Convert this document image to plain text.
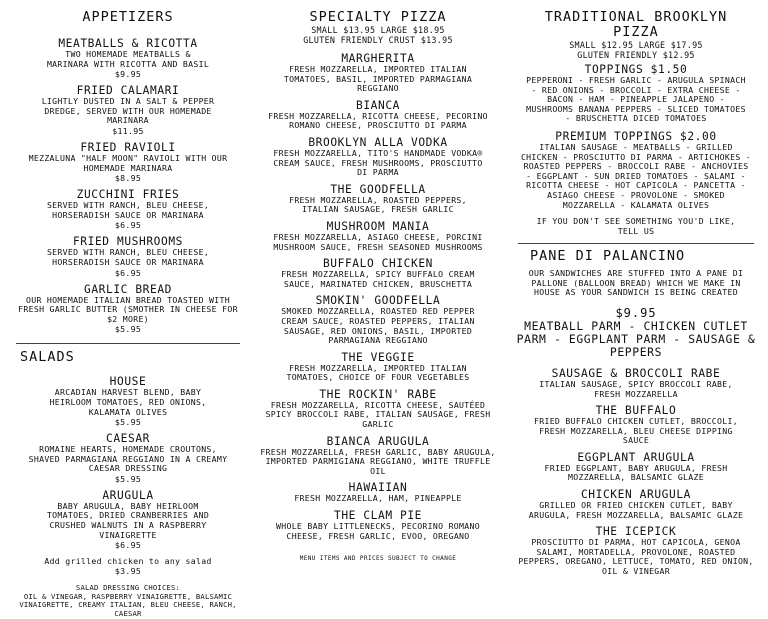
APPETIZERS
MEATBALLS & RICOTTA
TWO HOMEMADE MEATBALLS & MARINARA WITH RICOTTA AND BASIL
$9.95
FRIED CALAMARI
LIGHTLY DUSTED IN A SALT & PEPPER DREDGE, SERVED WITH OUR HOMEMADE MARINARA
$11.95
FRIED RAVIOLI
MEZZALUNA "HALF MOON" RAVIOLI WITH OUR HOMEMADE MARINARA
$8.95
ZUCCHINI FRIES
SERVED WITH RANCH, BLEU CHEESE, HORSERADISH SAUCE OR MARINARA
$6.95
FRIED MUSHROOMS
SERVED WITH RANCH, BLEU CHEESE, HORSERADISH SAUCE OR MARINARA
$6.95
GARLIC BREAD
OUR HOMEMADE ITALIAN BREAD TOASTED WITH FRESH GARLIC BUTTER (SMOTHER IN CHEESE FOR $2 MORE)
$5.95
SALADS
HOUSE
ARCADIAN HARVEST BLEND, BABY HEIRLOOM TOMATOES, RED ONIONS, KALAMATA OLIVES
$5.95
CAESAR
ROMAINE HEARTS, HOMEMADE CROUTONS, SHAVED PARMAGIANA REGGIANO IN A CREAMY CAESAR DRESSING
$5.95
ARUGULA
BABY ARUGULA, BABY HEIRLOOM TOMATOES, DRIED CRANBERRIES AND CRUSHED WALNUTS IN A RASPBERRY VINAIGRETTE
$6.95
Add grilled chicken to any salad
$3.95
SALAD DRESSING CHOICES:
OIL & VINEGAR, RASPBERRY VINAIGRETTE, BALSAMIC VINAIGRETTE, CREAMY ITALIAN, BLEU CHEESE, RANCH, CAESAR
SPECIALTY PIZZA
SMALL $13.95 LARGE $18.95
GLUTEN FRIENDLY CRUST $13.95
MARGHERITA
FRESH MOZZARELLA, IMPORTED ITALIAN TOMATOES, BASIL, IMPORTED PARMAGIANA REGGIANO
BIANCA
FRESH MOZZARELLA, RICOTTA CHEESE, PECORINO ROMANO CHEESE, PROSCIUTTO DI PARMA
BROOKLYN ALLA VODKA
FRESH MOZZARELLA, TITO'S HANDMADE VODKA® CREAM SAUCE, FRESH MUSHROOMS, PROSCIUTTO DI PARMA
THE GOODFELLA
FRESH MOZZARELLA, ROASTED PEPPERS, ITALIAN SAUSAGE, FRESH GARLIC
MUSHROOM MANIA
FRESH MOZZARELLA, ASIAGO CHEESE, PORCINI MUSHROOM SAUCE, FRESH SEASONED MUSHROOMS
BUFFALO CHICKEN
FRESH MOZZARELLA, SPICY BUFFALO CREAM SAUCE, MARINATED CHICKEN, BRUSCHETTA
SMOKIN' GOODFELLA
SMOKED MOZZARELLA, ROASTED RED PEPPER CREAM SAUCE, ROASTED PEPPERS, ITALIAN SAUSAGE, RED ONIONS, BASIL, IMPORTED PARMAGIANA REGGIANO
THE VEGGIE
FRESH MOZZARELLA, IMPORTED ITALIAN TOMATOES, CHOICE OF FOUR VEGETABLES
THE ROCKIN' RABE
FRESH MOZZARELLA, RICOTTA CHEESE, SAUTÉED SPICY BROCCOLI RABE, ITALIAN SAUSAGE, FRESH GARLIC
BIANCA ARUGULA
FRESH MOZZARELLA, FRESH GARLIC, BABY ARUGULA, IMPORTED PARMIGIANA REGGIANO, WHITE TRUFFLE OIL
HAWAIIAN
FRESH MOZZARELLA, HAM, PINEAPPLE
THE CLAM PIE
WHOLE BABY LITTLENECKS, PECORINO ROMANO CHEESE, FRESH GARLIC, EVOO, OREGANO
MENU ITEMS AND PRICES SUBJECT TO CHANGE
TRADITIONAL BROOKLYN PIZZA
SMALL $12.95 LARGE $17.95
GLUTEN FRIENDLY $12.95
TOPPINGS $1.50
PEPPERONI - FRESH GARLIC - ARUGULA SPINACH - RED ONIONS - BROCCOLI - EXTRA CHEESE - BACON - HAM - PINEAPPLE JALAPENO - MUSHROOMS BANANA PEPPERS - SLICED TOMATOES - BRUSCHETTA DICED TOMATOES
PREMIUM TOPPINGS $2.00
ITALIAN SAUSAGE - MEATBALLS - GRILLED CHICKEN - PROSCIUTTO DI PARMA - ARTICHOKES - ROASTED PEPPERS - BROCCOLI RABE - ANCHOVIES - EGGPLANT - SUN DRIED TOMATOES - SALAMI - RICOTTA CHEESE - HOT CAPICOLA - PANCETTA - ASIAGO CHEESE - PROVOLONE - SMOKED MOZZARELLA - KALAMATA OLIVES
IF YOU DON'T SEE SOMETHING YOU'D LIKE, TELL US
PANE DI PALANCINO
OUR SANDWICHES ARE STUFFED INTO A PANE DI PALLONE (BALLOON BREAD) WHICH WE MAKE IN HOUSE AS YOUR SANDWICH IS BEING CREATED
$9.95
MEATBALL PARM - CHICKEN CUTLET PARM - EGGPLANT PARM - SAUSAGE & PEPPERS
SAUSAGE & BROCCOLI RABE
ITALIAN SAUSAGE, SPICY BROCCOLI RABE, FRESH MOZZARELLA
THE BUFFALO
FRIED BUFFALO CHICKEN CUTLET, BROCCOLI, FRESH MOZZARELLA, BLEU CHEESE DIPPING SAUCE
EGGPLANT ARUGULA
FRIED EGGPLANT, BABY ARUGULA, FRESH MOZZARELLA, BALSAMIC GLAZE
CHICKEN ARUGULA
GRILLED OR FRIED CHICKEN CUTLET, BABY ARUGULA, FRESH MOZZARELLA, BALSAMIC GLAZE
THE ICEPICK
PROSCIUTTO DI PARMA, HOT CAPICOLA, GENOA SALAMI, MORTADELLA, PROVOLONE, ROASTED PEPPERS, OREGANO, LETTUCE, TOMATO, RED ONION, OIL & VINEGAR
